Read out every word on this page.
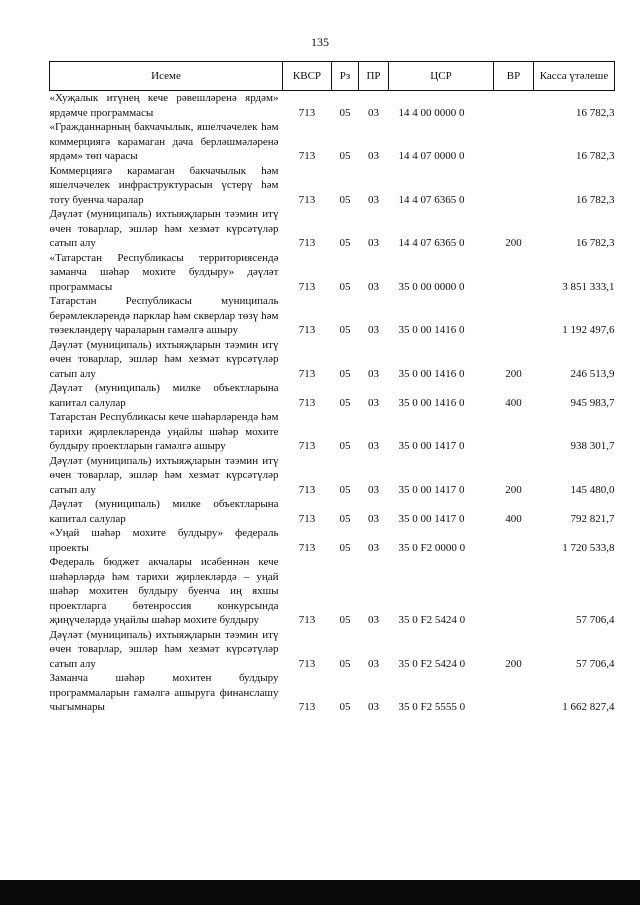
135
Исеме	КВСР	Рз	ПР	ЦСР	ВР	Касса үтәлеше
«Хуҗалык итүнең кече рәвешләренә ярдәм» ярдәмче программасы	713	05	03	14 4 00 0000 0		16 782,3
«Гражданнарның бакчачылык, яшелчәчелек һәм коммерциягә карамаган дача берләшмәләренә ярдәм» төп чарасы	713	05	03	14 4 07 0000 0		16 782,3
Коммерциягә карамаган бакчачылык һәм яшелчәчелек инфраструктурасын үстерү һәм тоту буенча чаралар	713	05	03	14 4 07 6365 0		16 782,3
Дәүләт (муниципаль) ихтыяҗларын тәэмин итү өчен товарлар, эшләр һәм хезмәт күрсәтүләр сатып алу	713	05	03	14 4 07 6365 0	200	16 782,3
«Татарстан Республикасы территориясендә заманча шәһәр мохите булдыру» дәүләт программасы	713	05	03	35 0 00 0000 0		3 851 333,1
Татарстан Республикасы муниципаль берәмлекләрендә парклар һәм скверлар төзү һәм төзекләндерү чараларын гамәлгә ашыру	713	05	03	35 0 00 1416 0		1 192 497,6
Дәүләт (муниципаль) ихтыяҗларын тәэмин итү өчен товарлар, эшләр һәм хезмәт күрсәтүләр сатып алу	713	05	03	35 0 00 1416 0	200	246 513,9
Дәүләт (муниципаль) милке объектларына капитал салулар	713	05	03	35 0 00 1416 0	400	945 983,7
Татарстан Республикасы кече шәһәрләрендә һәм тарихи җирлекләрендә уңайлы шәһәр мохите булдыру проектларын гамәлгә ашыру	713	05	03	35 0 00 1417 0		938 301,7
Дәүләт (муниципаль) ихтыяҗларын тәэмин итү өчен товарлар, эшләр һәм хезмәт күрсәтүләр сатып алу	713	05	03	35 0 00 1417 0	200	145 480,0
Дәүләт (муниципаль) милке объектларына капитал салулар	713	05	03	35 0 00 1417 0	400	792 821,7
«Уңай шәһәр мохите булдыру» федераль проекты	713	05	03	35 0 F2 0000 0		1 720 533,8
Федераль бюджет акчалары исәбеннән кече шәһәрләрдә һәм тарихи җирлекләрдә – уңай шәһәр мохитен булдыру буенча иң яхшы проектларга бөтенроссия конкурсында җиңүчеләрдә уңайлы шәһәр мохите булдыру	713	05	03	35 0 F2 5424 0		57 706,4
Дәүләт (муниципаль) ихтыяҗларын тәэмин итү өчен товарлар, эшләр һәм хезмәт күрсәтүләр сатып алу	713	05	03	35 0 F2 5424 0	200	57 706,4
Заманча шәһәр мохитен булдыру программаларын гамәлгә ашыруга финанслашу чыгымнары	713	05	03	35 0 F2 5555 0		1 662 827,4
